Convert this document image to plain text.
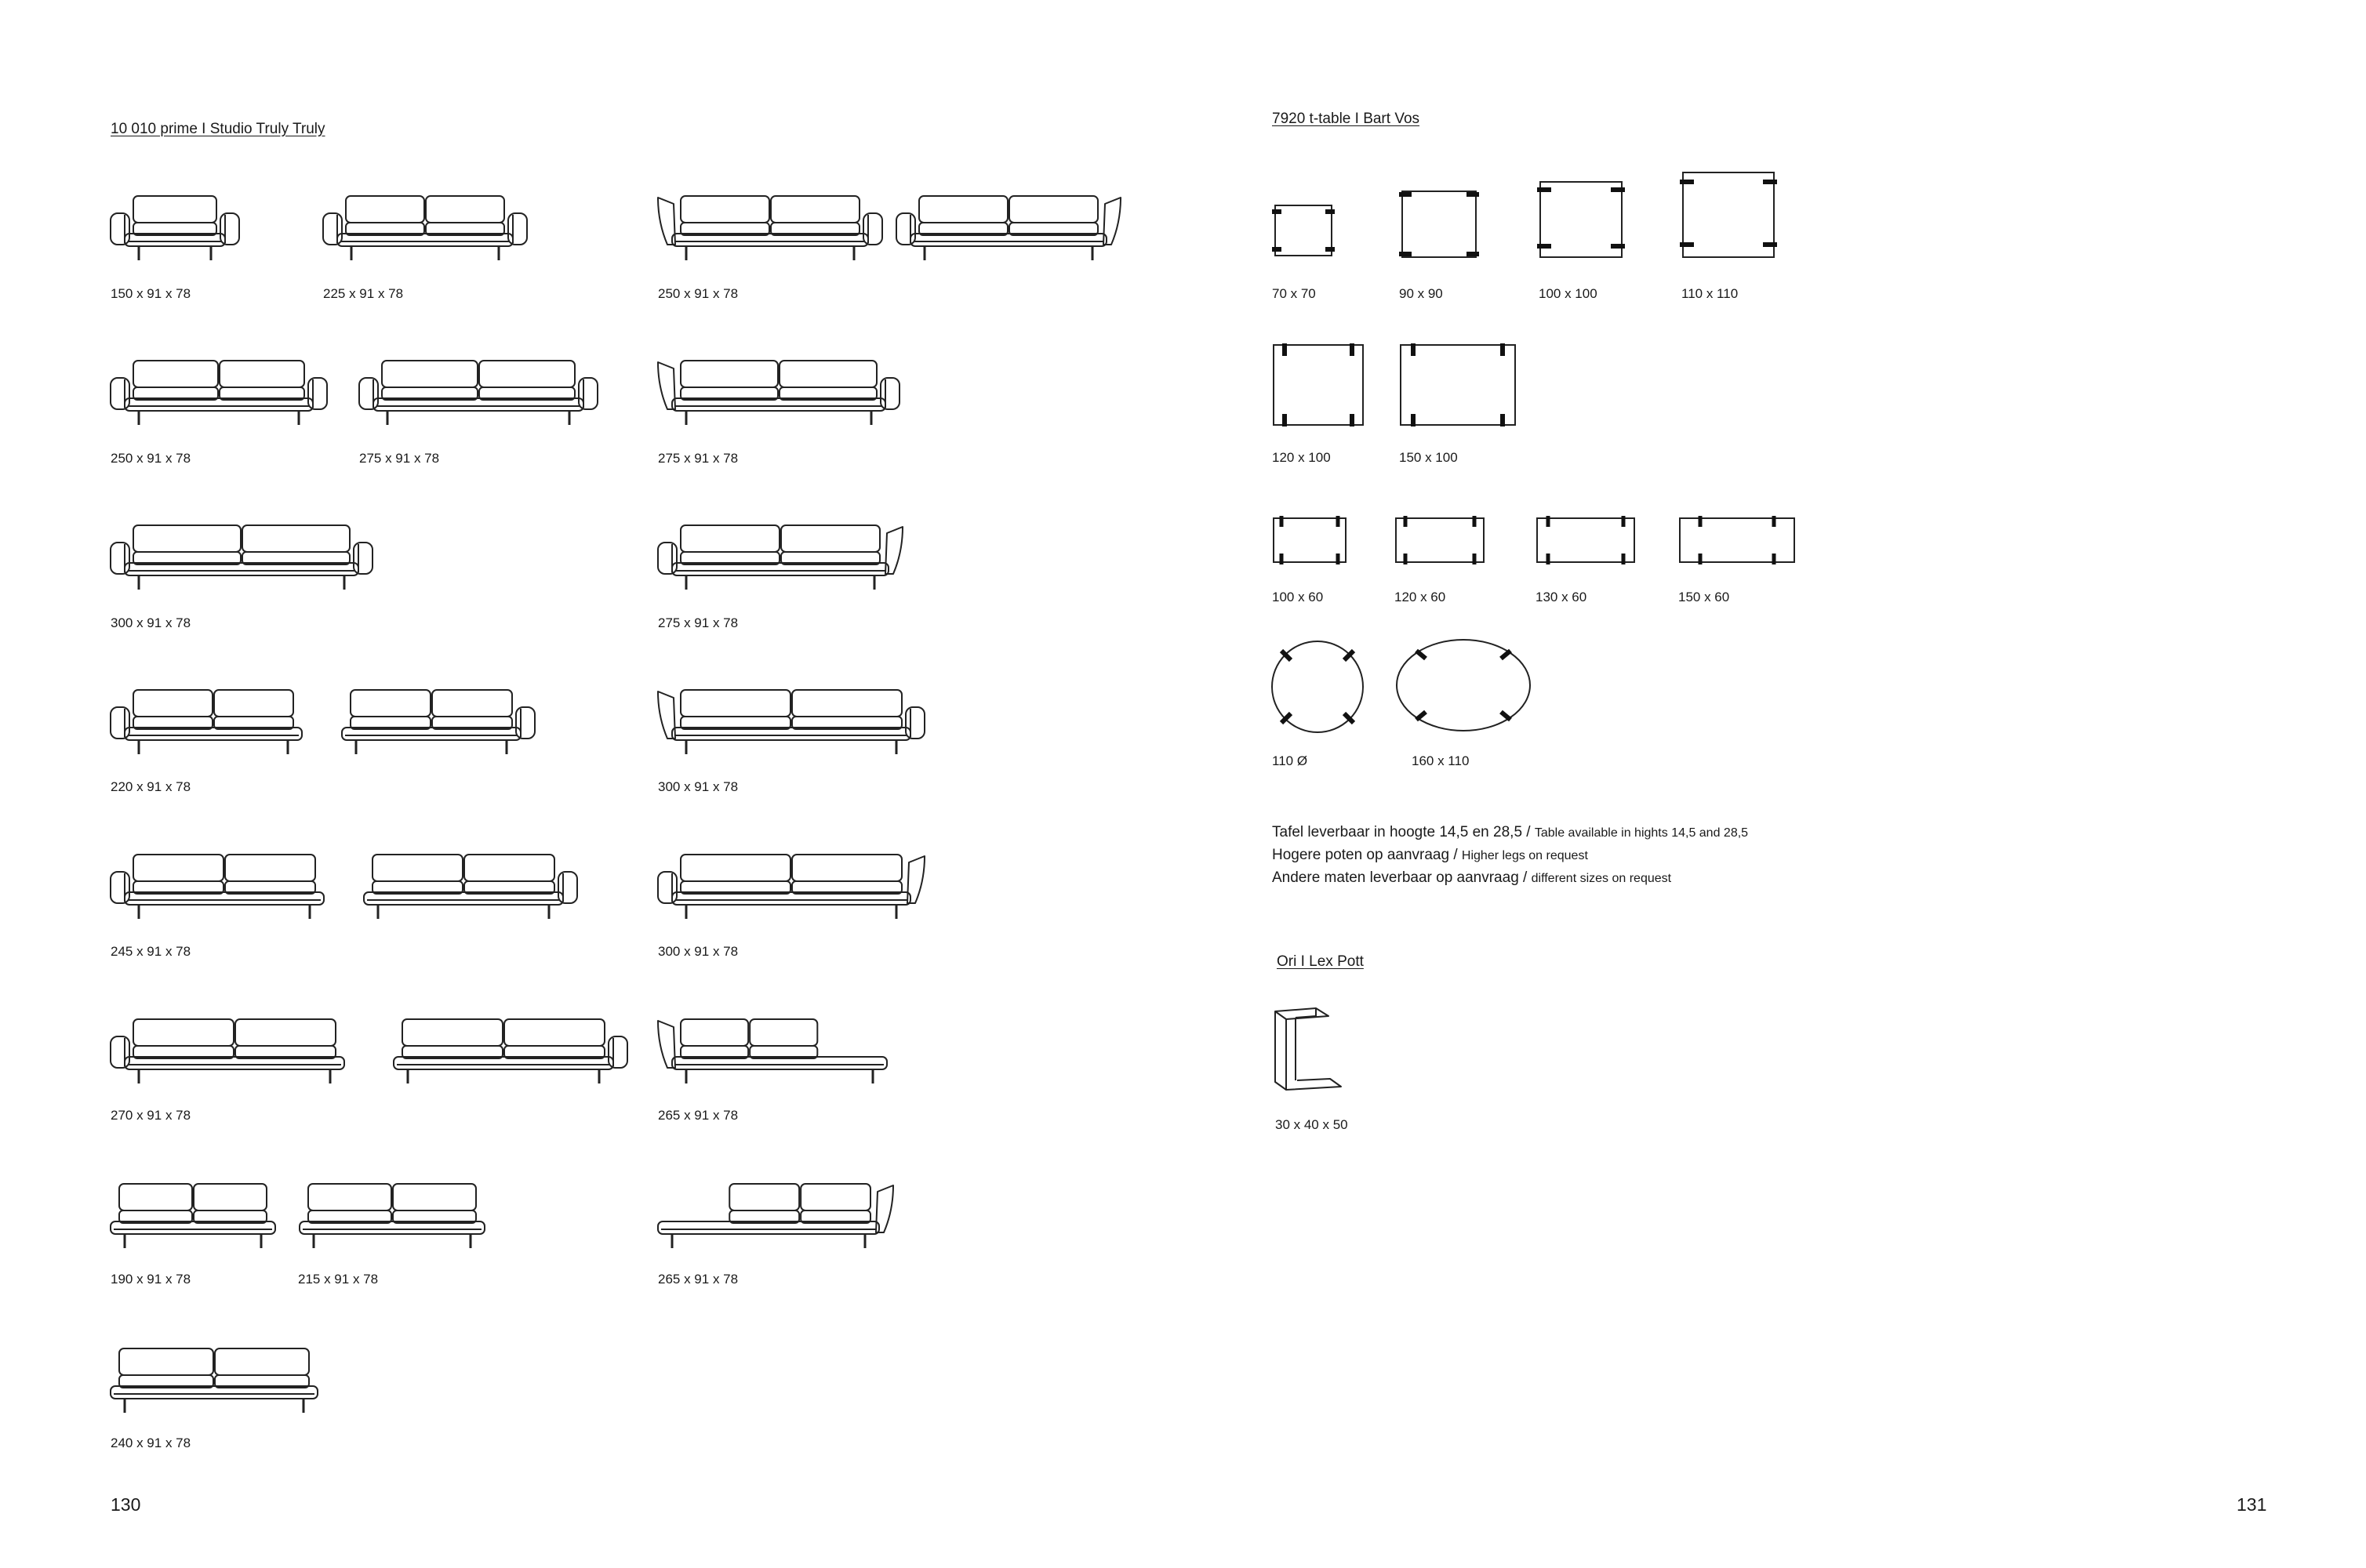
10 010 prime I Studio Truly Truly
150 x 91 x 78	225 x 91 x 78	250 x 91 x 78
250 x 91 x 78	275 x 91 x 78	275 x 91 x 78
300 x 91 x 78	275 x 91 x 78
220 x 91 x 78	300 x 91 x 78
245 x 91 x 78	300 x 91 x 78
270 x 91 x 78	265 x 91 x 78
190 x 91 x 78	215 x 91 x 78	265 x 91 x 78
240 x 91 x 78
130
7920 t-table I Bart Vos
70 x 70	90 x 90	100 x 100	110 x 110
120 x 100	150 x 100
100 x 60	120 x 60	130 x 60	150 x 60
110 Ø	160 x 110
Tafel leverbaar in hoogte 14,5 en 28,5 / Table available in hights 14,5 and 28,5
Hogere poten op aanvraag / Higher legs on request
Andere maten leverbaar op aanvraag / different sizes on request
Ori I Lex Pott
30 x 40 x 50
131
